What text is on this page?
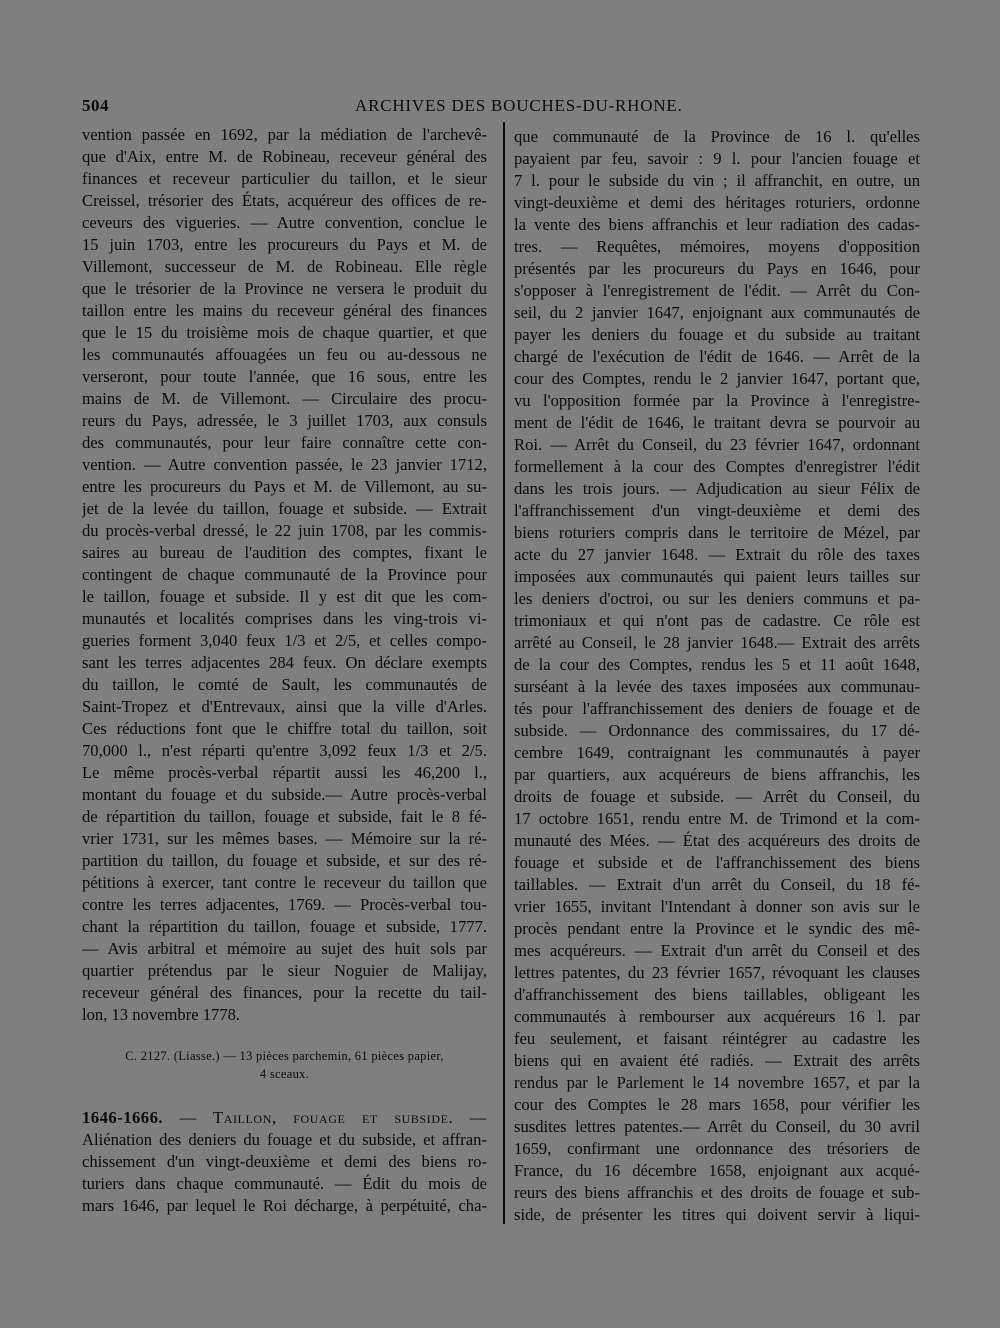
504	ARCHIVES DES BOUCHES-DU-RHONE.
vention passée en 1692, par la médiation de l'archevê-
que d'Aix, entre M. de Robineau, receveur général des
finances et receveur particulier du taillon, et le sieur
Creissel, trésorier des États, acquéreur des offices de re-
ceveurs des vigueries. — Autre convention, conclue le
15 juin 1703, entre les procureurs du Pays et M. de
Villemont, successeur de M. de Robineau. Elle règle
que le trésorier de la Province ne versera le produit du
taillon entre les mains du receveur général des finances
que le 15 du troisième mois de chaque quartier, et que
les communautés affouagées un feu ou au-dessous ne
verseront, pour toute l'année, que 16 sous, entre les
mains de M. de Villemont. — Circulaire des procu-
reurs du Pays, adressée, le 3 juillet 1703, aux consuls
des communautés, pour leur faire connaître cette con-
vention. — Autre convention passée, le 23 janvier 1712,
entre les procureurs du Pays et M. de Villemont, au su-
jet de la levée du taillon, fouage et subside. — Extrait
du procès-verbal dressé, le 22 juin 1708, par les commis-
saires au bureau de l'audition des comptes, fixant le
contingent de chaque communauté de la Province pour
le taillon, fouage et subside. Il y est dit que les com-
munautés et localités comprises dans les ving-trois vi-
gueries forment 3,040 feux 1/3 et 2/5, et celles compo-
sant les terres adjacentes 284 feux. On déclare exempts
du taillon, le comté de Sault, les communautés de
Saint-Tropez et d'Entrevaux, ainsi que la ville d'Arles.
Ces réductions font que le chiffre total du taillon, soit
70,000 l., n'est réparti qu'entre 3,092 feux 1/3 et 2/5.
Le même procès-verbal répartit aussi les 46,200 l.,
montant du fouage et du subside.— Autre procès-verbal
de répartition du taillon, fouage et subside, fait le 8 fé-
vrier 1731, sur les mêmes bases. — Mémoire sur la ré-
partition du taillon, du fouage et subside, et sur des ré-
pétitions à exercer, tant contre le receveur du taillon que
contre les terres adjacentes, 1769. — Procès-verbal tou-
chant la répartition du taillon, fouage et subside, 1777.
— Avis arbitral et mémoire au sujet des huit sols par
quartier prétendus par le sieur Noguier de Malijay,
receveur général des finances, pour la recette du tail-
lon, 13 novembre 1778.
C. 2127. (Liasse.) — 13 pièces parchemin, 61 pièces papier,
4 sceaux.
1646-1666. — Taillon, fouage et subside. —
Aliénation des deniers du fouage et du subside, et affran-
chissement d'un vingt-deuxième et demi des biens ro-
turiers dans chaque communauté. — Édit du mois de
mars 1646, par lequel le Roi décharge, à perpétuité, cha-
que communauté de la Province de 16 l. qu'elles
payaient par feu, savoir : 9 l. pour l'ancien fouage et
7 l. pour le subside du vin ; il affranchit, en outre, un
vingt-deuxième et demi des héritages roturiers, ordonne
la vente des biens affranchis et leur radiation des cadas-
tres. — Requêtes, mémoires, moyens d'opposition
présentés par les procureurs du Pays en 1646, pour
s'opposer à l'enregistrement de l'édit. — Arrêt du Con-
seil, du 2 janvier 1647, enjoignant aux communautés de
payer les deniers du fouage et du subside au traitant
chargé de l'exécution de l'édit de 1646. — Arrêt de la
cour des Comptes, rendu le 2 janvier 1647, portant que,
vu l'opposition formée par la Province à l'enregistre-
ment de l'édit de 1646, le traitant devra se pourvoir au
Roi. — Arrêt du Conseil, du 23 février 1647, ordonnant
formellement à la cour des Comptes d'enregistrer l'édit
dans les trois jours. — Adjudication au sieur Félix de
l'affranchissement d'un vingt-deuxième et demi des
biens roturiers compris dans le territoire de Mézel, par
acte du 27 janvier 1648. — Extrait du rôle des taxes
imposées aux communautés qui paient leurs tailles sur
les deniers d'octroi, ou sur les deniers communs et pa-
trimoniaux et qui n'ont pas de cadastre. Ce rôle est
arrêté au Conseil, le 28 janvier 1648.— Extrait des arrêts
de la cour des Comptes, rendus les 5 et 11 août 1648,
surséant à la levée des taxes imposées aux communau-
tés pour l'affranchissement des deniers de fouage et de
subside. — Ordonnance des commissaires, du 17 dé-
cembre 1649, contraignant les communautés à payer
par quartiers, aux acquéreurs de biens affranchis, les
droits de fouage et subside. — Arrêt du Conseil, du
17 octobre 1651, rendu entre M. de Trimond et la com-
munauté des Mées. — État des acquéreurs des droits de
fouage et subside et de l'affranchissement des biens
taillables. — Extrait d'un arrêt du Conseil, du 18 fé-
vrier 1655, invitant l'Intendant à donner son avis sur le
procès pendant entre la Province et le syndic des mê-
mes acquéreurs. — Extrait d'un arrêt du Conseil et des
lettres patentes, du 23 février 1657, révoquant les clauses
d'affranchissement des biens taillables, obligeant les
communautés à rembourser aux acquéreurs 16 l. par
feu seulement, et faisant réintégrer au cadastre les
biens qui en avaient été radiés. — Extrait des arrêts
rendus par le Parlement le 14 novembre 1657, et par la
cour des Comptes le 28 mars 1658, pour vérifier les
susdites lettres patentes.— Arrêt du Conseil, du 30 avril
1659, confirmant une ordonnance des trésoriers de
France, du 16 décembre 1658, enjoignant aux acqué-
reurs des biens affranchis et des droits de fouage et sub-
side, de présenter les titres qui doivent servir à liqui-
